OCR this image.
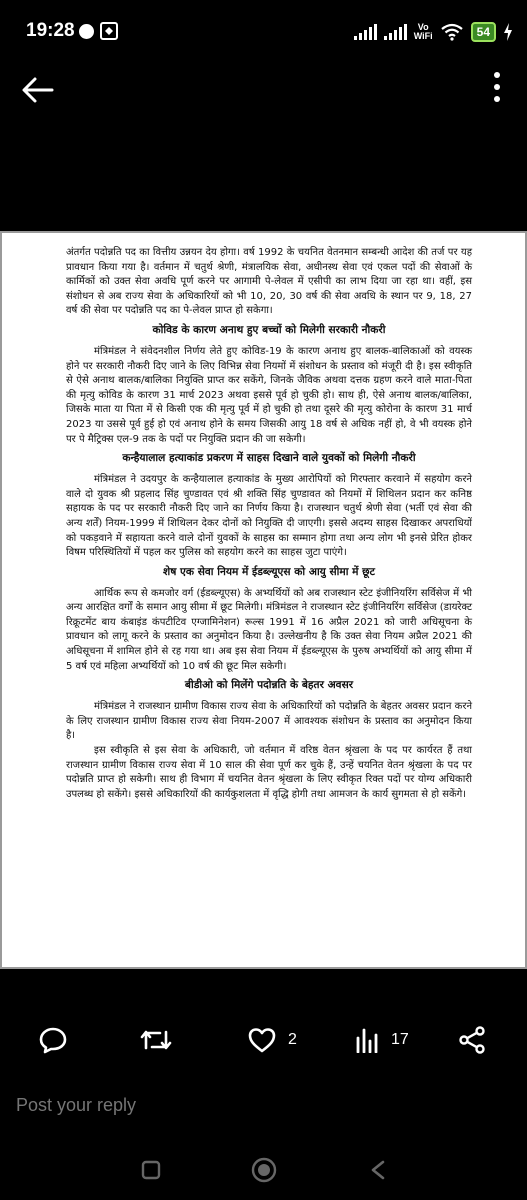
19:28	Vo
WiFi	54

अंतर्गत पदोन्नति पद का वित्तीय उन्नयन देय होगा। वर्ष 1992 के चयनित वेतनमान सम्बन्धी आदेश की तर्ज पर यह प्रावधान किया गया है। वर्तमान में चतुर्थ श्रेणी, मंत्रालयिक सेवा, अधीनस्थ सेवा एवं एकल पदों की सेवाओं के कार्मिकों को उक्त सेवा अवधि पूर्ण करने पर आगामी पे-लेवल में एसीपी का लाभ दिया जा रहा था। वहीं, इस संशोधन से अब राज्य सेवा के अधिकारियों को भी 10, 20, 30 वर्ष की सेवा अवधि के स्थान पर 9, 18, 27 वर्ष की सेवा पर पदोन्नति पद का पे-लेवल प्राप्त हो सकेगा।

कोविड के कारण अनाथ हुए बच्चों को मिलेगी सरकारी नौकरी

मंत्रिमंडल ने संवेदनशील निर्णय लेते हुए कोविड-19 के कारण अनाथ हुए बालक-बालिकाओं को वयस्क होने पर सरकारी नौकरी दिए जाने के लिए विभिन्न सेवा नियमों में संशोधन के प्रस्ताव को मंजूरी दी है। इस स्वीकृति से ऐसे अनाथ बालक/बालिका नियुक्ति प्राप्त कर सकेंगे, जिनके जैविक अथवा दत्तक ग्रहण करने वाले माता-पिता की मृत्यु कोविड के कारण 31 मार्च 2023 अथवा इससे पूर्व हो चुकी हो। साथ ही, ऐसे अनाथ बालक/बालिका, जिसके माता या पिता में से किसी एक की मृत्यु पूर्व में हो चुकी हो तथा दूसरे की मृत्यु कोरोना के कारण 31 मार्च 2023 या उससे पूर्व हुई हो एवं अनाथ होने के समय जिसकी आयु 18 वर्ष से अधिक नहीं हो, वे भी वयस्क होने पर पे मैट्रिक्स एल-9 तक के पदों पर नियुक्ति प्रदान की जा सकेगी।

कन्हैयालाल हत्याकांड प्रकरण में साहस दिखाने वाले युवकों को मिलेगी नौकरी

मंत्रिमंडल ने उदयपुर के कन्हैयालाल हत्याकांड के मुख्य आरोपियों को गिरफ्तार करवाने में सहयोग करने वाले दो युवक श्री प्रहलाद सिंह चुण्डावत एवं श्री शक्ति सिंह चुण्डावत को नियमों में शिथिलन प्रदान कर कनिष्ठ सहायक के पद पर सरकारी नौकरी दिए जाने का निर्णय किया है। राजस्थान चतुर्थ श्रेणी सेवा (भर्ती एवं सेवा की अन्य शर्तें) नियम-1999 में शिथिलन देकर दोनों को नियुक्ति दी जाएगी। इससे अदम्य साहस दिखाकर अपराधियों को पकड़वाने में सहायता करने वाले दोनों युवकों के साहस का सम्मान होगा तथा अन्य लोग भी इनसे प्रेरित होकर विषम परिस्थितियों में पहल कर पुलिस को सहयोग करने का साहस जुटा पाएंगे।

शेष एक सेवा नियम में ईडब्ल्यूएस को आयु सीमा में छूट

आर्थिक रूप से कमजोर वर्ग (ईडब्ल्यूएस) के अभ्यर्थियों को अब राजस्थान स्टेट इंजीनियरिंग सर्विसेज में भी अन्य आरक्षित वर्गों के समान आयु सीमा में छूट मिलेगी। मंत्रिमंडल ने राजस्थान स्टेट इंजीनियरिंग सर्विसेज (डायरेक्ट रिक्रूटमेंट बाय कंबाइंड कंपटीटिव एग्जामिनेशन) रूल्स 1991 में 16 अप्रैल 2021 को जारी अधिसूचना के प्रावधान को लागू करने के प्रस्ताव का अनुमोदन किया है। उल्लेखनीय है कि उक्त सेवा नियम अप्रैल 2021 की अधिसूचना में शामिल होने से रह गया था। अब इस सेवा नियम में ईडब्ल्यूएस के पुरुष अभ्यर्थियों को आयु सीमा में 5 वर्ष एवं महिला अभ्यर्थियों को 10 वर्ष की छूट मिल सकेगी।

बीडीओ को मिलेंगे पदोन्नति के बेहतर अवसर

मंत्रिमंडल ने राजस्थान ग्रामीण विकास राज्य सेवा के अधिकारियों को पदोन्नति के बेहतर अवसर प्रदान करने के लिए राजस्थान ग्रामीण विकास राज्य सेवा नियम-2007 में आवश्यक संशोधन के प्रस्ताव का अनुमोदन किया है।

इस स्वीकृति से इस सेवा के अधिकारी, जो वर्तमान में वरिष्ठ वेतन श्रृंखला के पद पर कार्यरत हैं तथा राजस्थान ग्रामीण विकास राज्य सेवा में 10 साल की सेवा पूर्ण कर चुके हैं, उन्हें चयनित वेतन श्रृंखला के पद पर पदोन्नति प्राप्त हो सकेगी। साथ ही विभाग में चयनित वेतन श्रृंखला के लिए स्वीकृत रिक्त पदों पर योग्य अधिकारी उपलब्ध हो सकेंगे। इससे अधिकारियों की कार्यकुशलता में वृद्धि होगी तथा आमजन के कार्य सुगमता से हो सकेंगे।

2	17
Post your reply
